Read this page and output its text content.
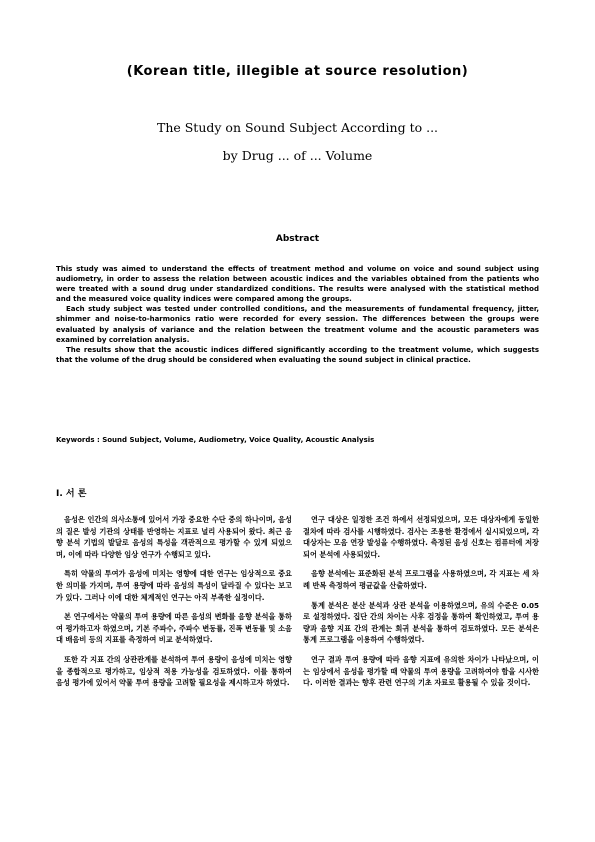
(Korean title, illegible at source resolution)
The Study on Sound Subject According to ...
by Drug ... of ... Volume
Abstract

This study was aimed to understand the effects of treatment method and volume on voice and sound subject using audiometry, in order to assess the relation between acoustic indices and the variables obtained from the patients who were treated with a sound drug under standardized conditions. The results were analysed with the statistical method and the measured voice quality indices were compared among the groups.

Each study subject was tested under controlled conditions, and the measurements of fundamental frequency, jitter, shimmer and noise-to-harmonics ratio were recorded for every session. The differences between the groups were evaluated by analysis of variance and the relation between the treatment volume and the acoustic parameters was examined by correlation analysis.

The results show that the acoustic indices differed significantly according to the treatment volume, which suggests that the volume of the drug should be considered when evaluating the sound subject in clinical practice.

Keywords : Sound Subject, Volume, Audiometry, Voice Quality, Acoustic Analysis
I. 서 론

음성은 인간의 의사소통에 있어서 가장 중요한 수단 중의 하나이며, 음성의 질은 발성 기관의 상태를 반영하는 지표로 널리 사용되어 왔다. 최근 음향 분석 기법의 발달로 음성의 특성을 객관적으로 평가할 수 있게 되었으며, 이에 따라 다양한 임상 연구가 수행되고 있다.

특히 약물의 투여가 음성에 미치는 영향에 대한 연구는 임상적으로 중요한 의미를 가지며, 투여 용량에 따라 음성의 특성이 달라질 수 있다는 보고가 있다. 그러나 이에 대한 체계적인 연구는 아직 부족한 실정이다.

본 연구에서는 약물의 투여 용량에 따른 음성의 변화를 음향 분석을 통하여 평가하고자 하였으며, 기본 주파수, 주파수 변동률, 진폭 변동률 및 소음 대 배음비 등의 지표를 측정하여 비교 분석하였다.

또한 각 지표 간의 상관관계를 분석하여 투여 용량이 음성에 미치는 영향을 종합적으로 평가하고, 임상적 적용 가능성을 검토하였다. 이를 통하여 음성 평가에 있어서 약물 투여 용량을 고려할 필요성을 제시하고자 하였다.

연구 대상은 일정한 조건 하에서 선정되었으며, 모든 대상자에게 동일한 절차에 따라 검사를 시행하였다. 검사는 조용한 환경에서 실시되었으며, 각 대상자는 모음 연장 발성을 수행하였다. 측정된 음성 신호는 컴퓨터에 저장되어 분석에 사용되었다.

음향 분석에는 표준화된 분석 프로그램을 사용하였으며, 각 지표는 세 차례 반복 측정하여 평균값을 산출하였다.

통계 분석은 분산 분석과 상관 분석을 이용하였으며, 유의 수준은 0.05로 설정하였다. 집단 간의 차이는 사후 검정을 통하여 확인하였고, 투여 용량과 음향 지표 간의 관계는 회귀 분석을 통하여 검토하였다. 모든 분석은 통계 프로그램을 이용하여 수행하였다.

연구 결과 투여 용량에 따라 음향 지표에 유의한 차이가 나타났으며, 이는 임상에서 음성을 평가할 때 약물의 투여 용량을 고려하여야 함을 시사한다. 이러한 결과는 향후 관련 연구의 기초 자료로 활용될 수 있을 것이다.
